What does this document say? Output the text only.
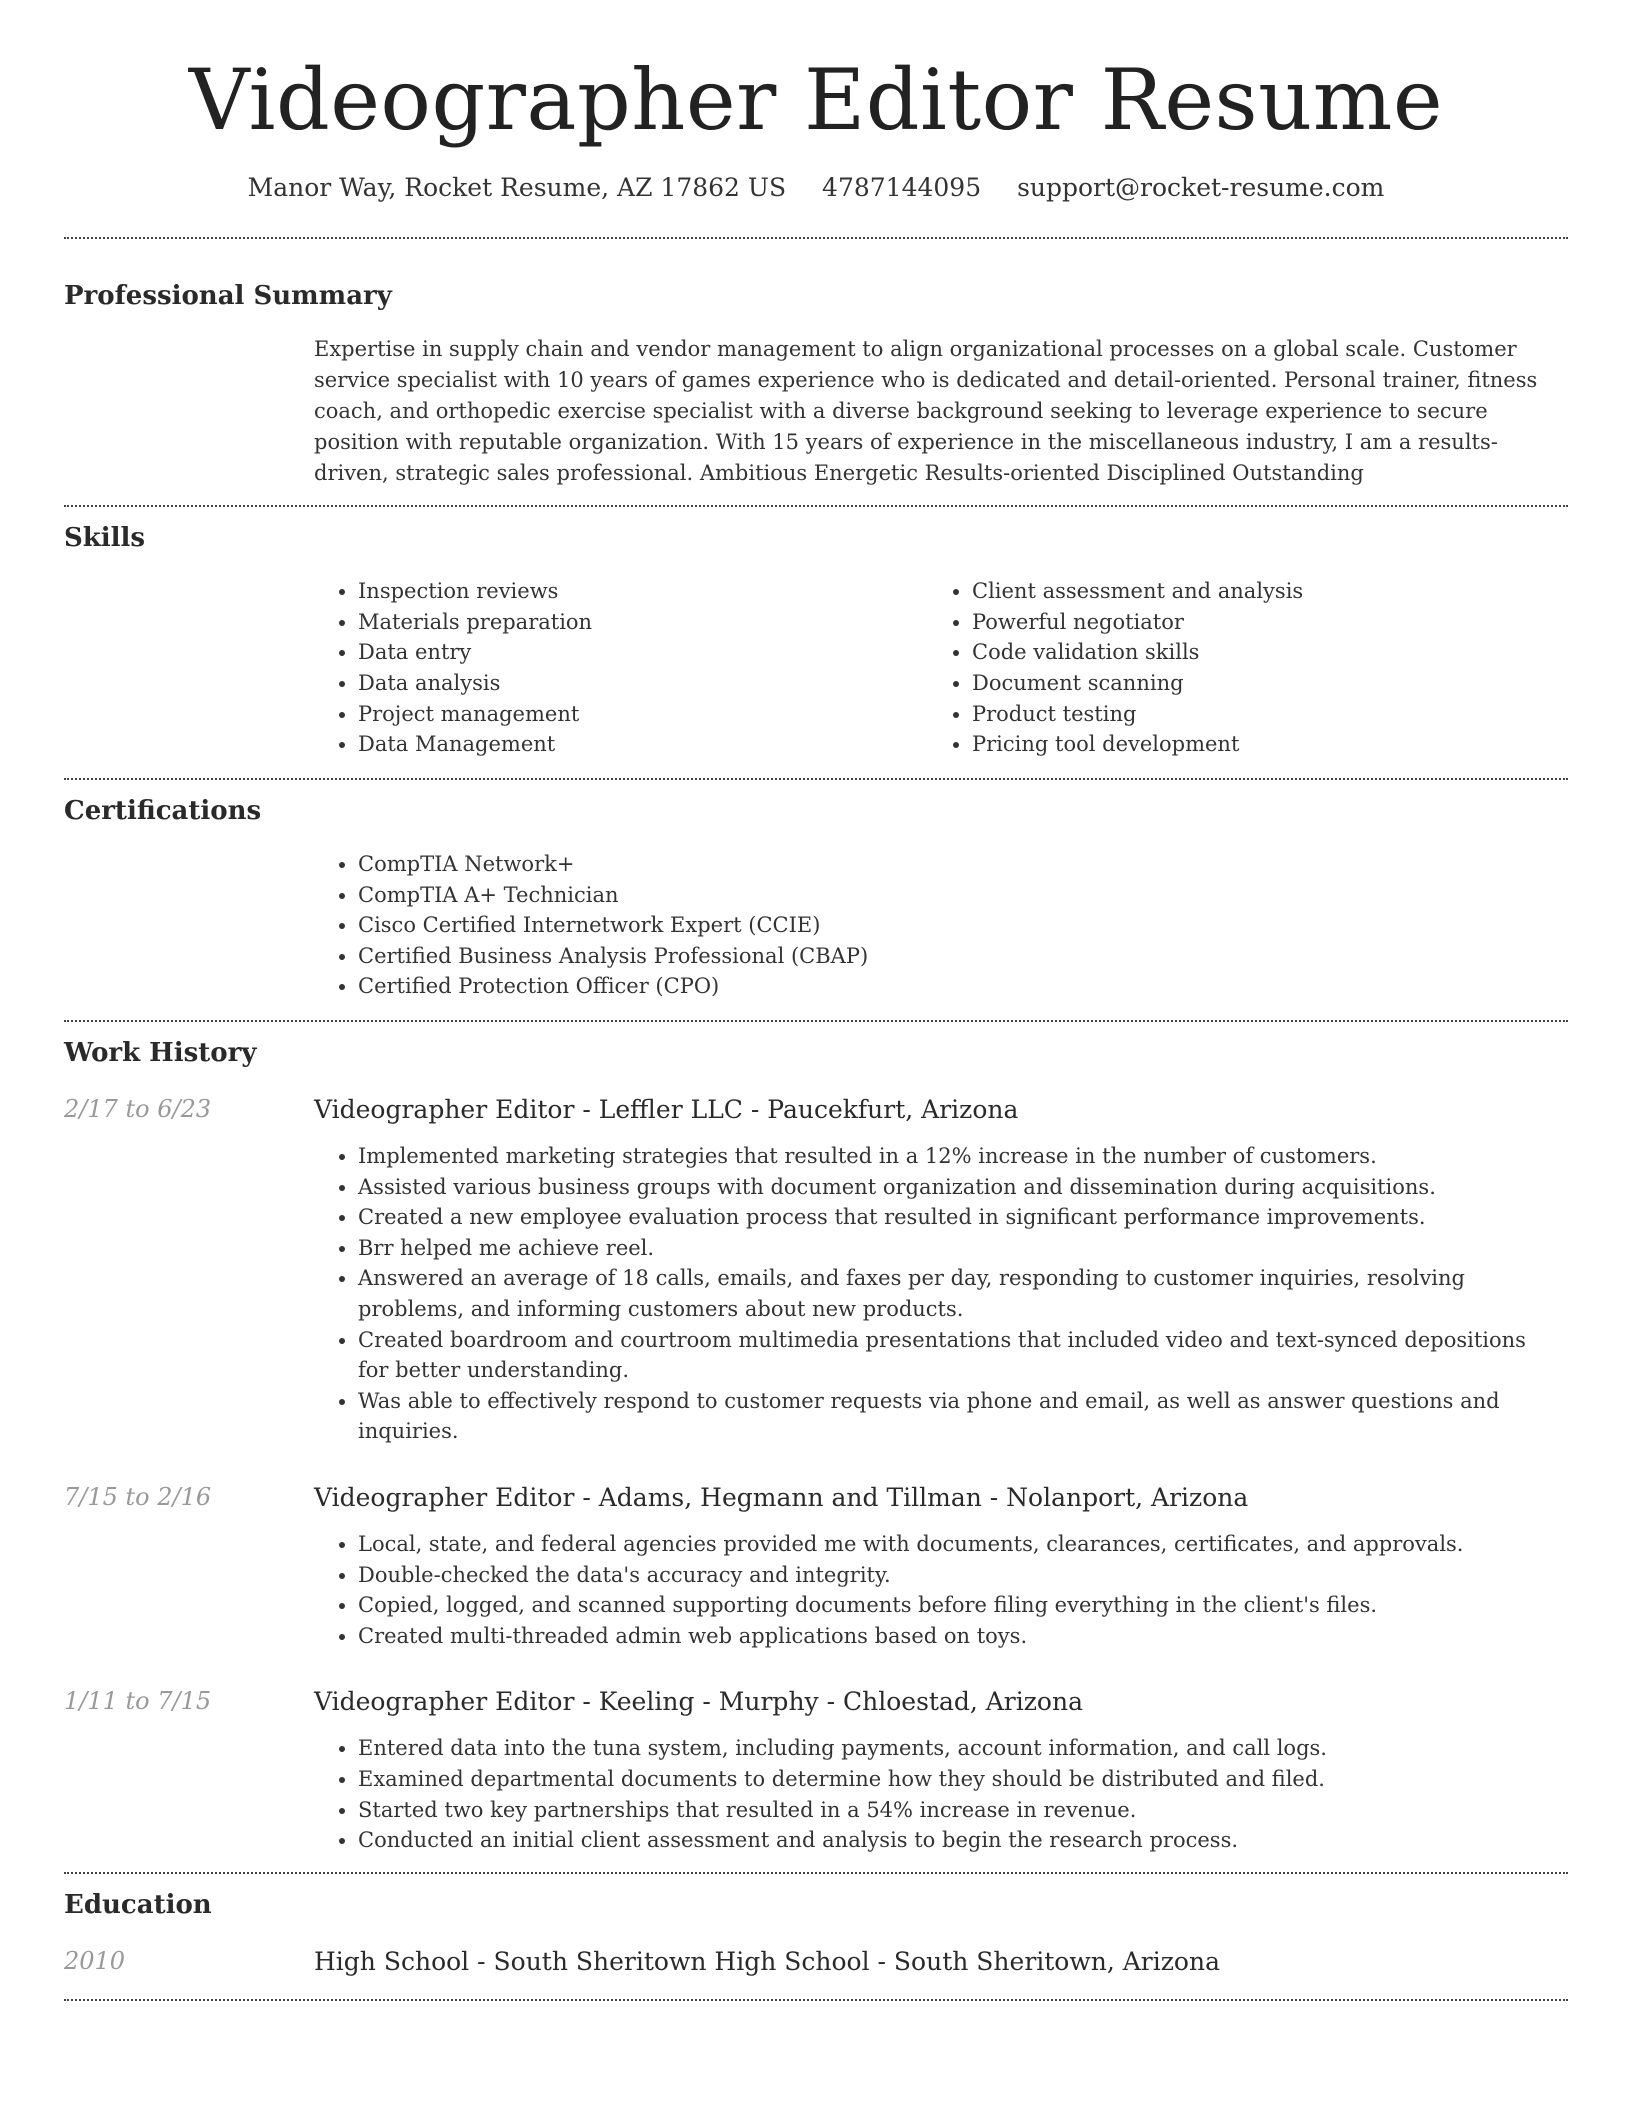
Videographer Editor Resume
Manor Way, Rocket Resume, AZ 17862 US 4787144095 support@rocket-resume.com
Professional Summary

Expertise in supply chain and vendor management to align organizational processes on a global scale. Customer service specialist with 10 years of games experience who is dedicated and detail-oriented. Personal trainer, fitness coach, and orthopedic exercise specialist with a diverse background seeking to leverage experience to secure position with reputable organization. With 15 years of experience in the miscellaneous industry, I am a results-driven, strategic sales professional. Ambitious Energetic Results-oriented Disciplined Outstanding

Skills
• Inspection reviews
• Materials preparation
• Data entry
• Data analysis
• Project management
• Data Management
• Client assessment and analysis
• Powerful negotiator
• Code validation skills
• Document scanning
• Product testing
• Pricing tool development
Certifications
• CompTIA Network+
• CompTIA A+ Technician
• Cisco Certified Internetwork Expert (CCIE)
• Certified Business Analysis Professional (CBAP)
• Certified Protection Officer (CPO)
Work History
2/17 to 6/23	Videographer Editor - Leffler LLC - Paucekfurt, Arizona
• Implemented marketing strategies that resulted in a 12% increase in the number of customers.
• Assisted various business groups with document organization and dissemination during acquisitions.
• Created a new employee evaluation process that resulted in significant performance improvements.
• Brr helped me achieve reel.
• Answered an average of 18 calls, emails, and faxes per day, responding to customer inquiries, resolving problems, and informing customers about new products.
• Created boardroom and courtroom multimedia presentations that included video and text-synced depositions for better understanding.
• Was able to effectively respond to customer requests via phone and email, as well as answer questions and inquiries.
7/15 to 2/16	Videographer Editor - Adams, Hegmann and Tillman - Nolanport, Arizona
• Local, state, and federal agencies provided me with documents, clearances, certificates, and approvals.
• Double-checked the data's accuracy and integrity.
• Copied, logged, and scanned supporting documents before filing everything in the client's files.
• Created multi-threaded admin web applications based on toys.
1/11 to 7/15	Videographer Editor - Keeling - Murphy - Chloestad, Arizona
• Entered data into the tuna system, including payments, account information, and call logs.
• Examined departmental documents to determine how they should be distributed and filed.
• Started two key partnerships that resulted in a 54% increase in revenue.
• Conducted an initial client assessment and analysis to begin the research process.
Education
2010	High School - South Sheritown High School - South Sheritown, Arizona
